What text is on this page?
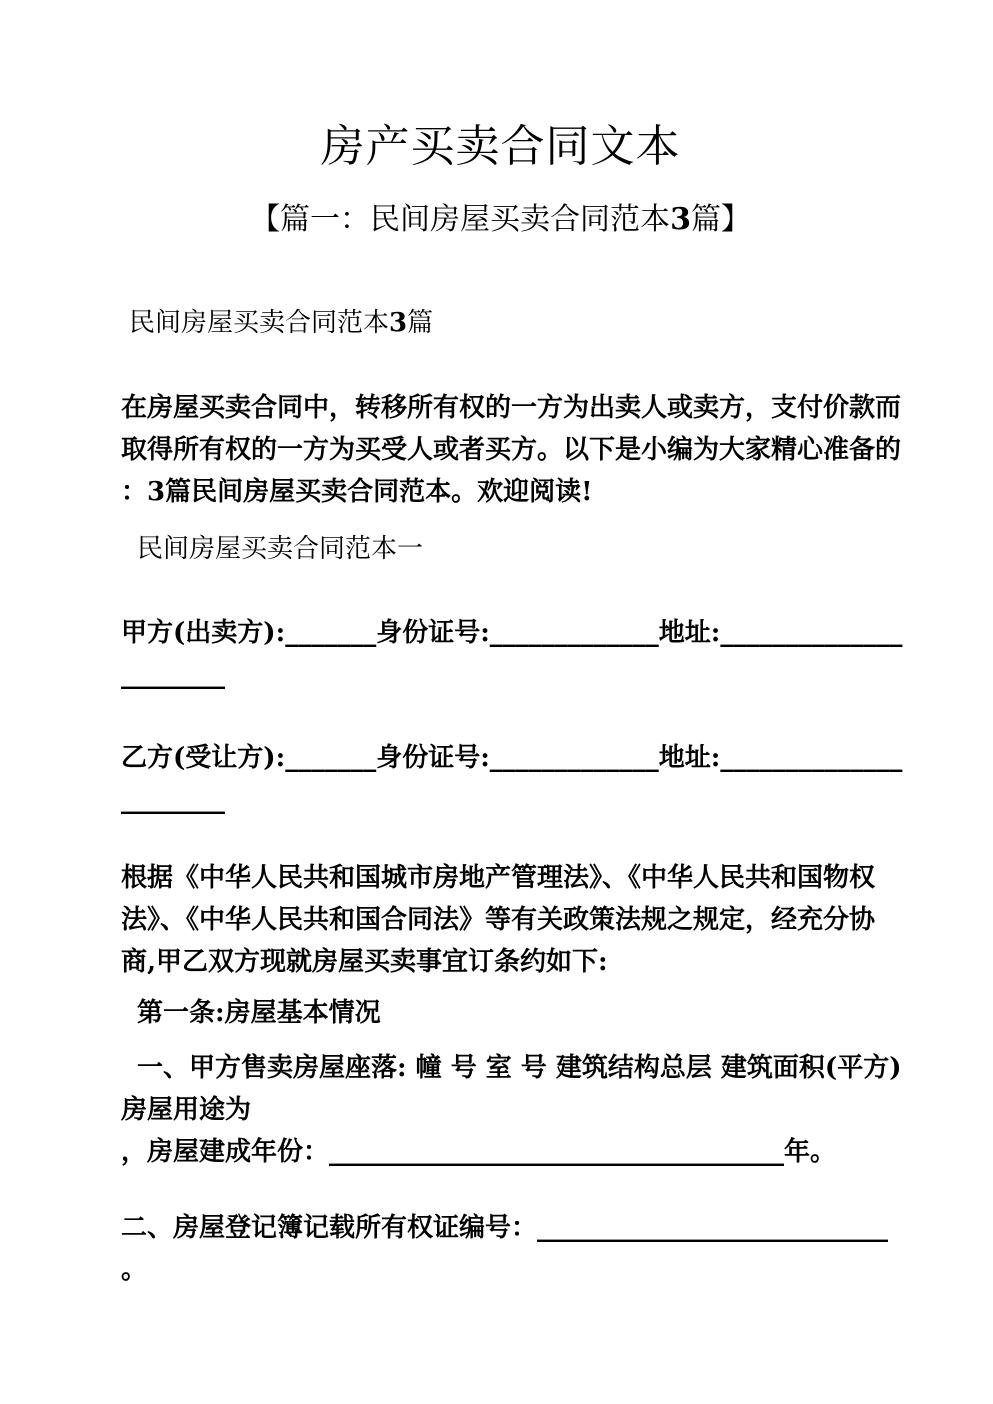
房产买卖合同文本
【篇一：民间房屋买卖合同范本3篇】
民间房屋买卖合同范本3篇
在房屋买卖合同中，转移所有权的一方为出卖人或卖方，支付价款而
取得所有权的一方为买受人或者买方。以下是小编为大家精心准备的
：3篇民间房屋买卖合同范本。欢迎阅读!
民间房屋买卖合同范本一
甲方(出卖方):_______身份证号:_____________地址:______________
________
乙方(受让方):_______身份证号:_____________地址:______________
________
根据《中华人民共和国城市房地产管理法》、《中华人民共和国物权
法》、《中华人民共和国合同法》等有关政策法规之规定，经充分协
商,甲乙双方现就房屋买卖事宜订条约如下:
第一条:房屋基本情况
一、甲方售卖房屋座落: 幢 号 室 号 建筑结构总层 建筑面积(平方)
房屋用途为
，房屋建成年份：___________________________________年。
二、房屋登记簿记载所有权证编号：___________________________
。
